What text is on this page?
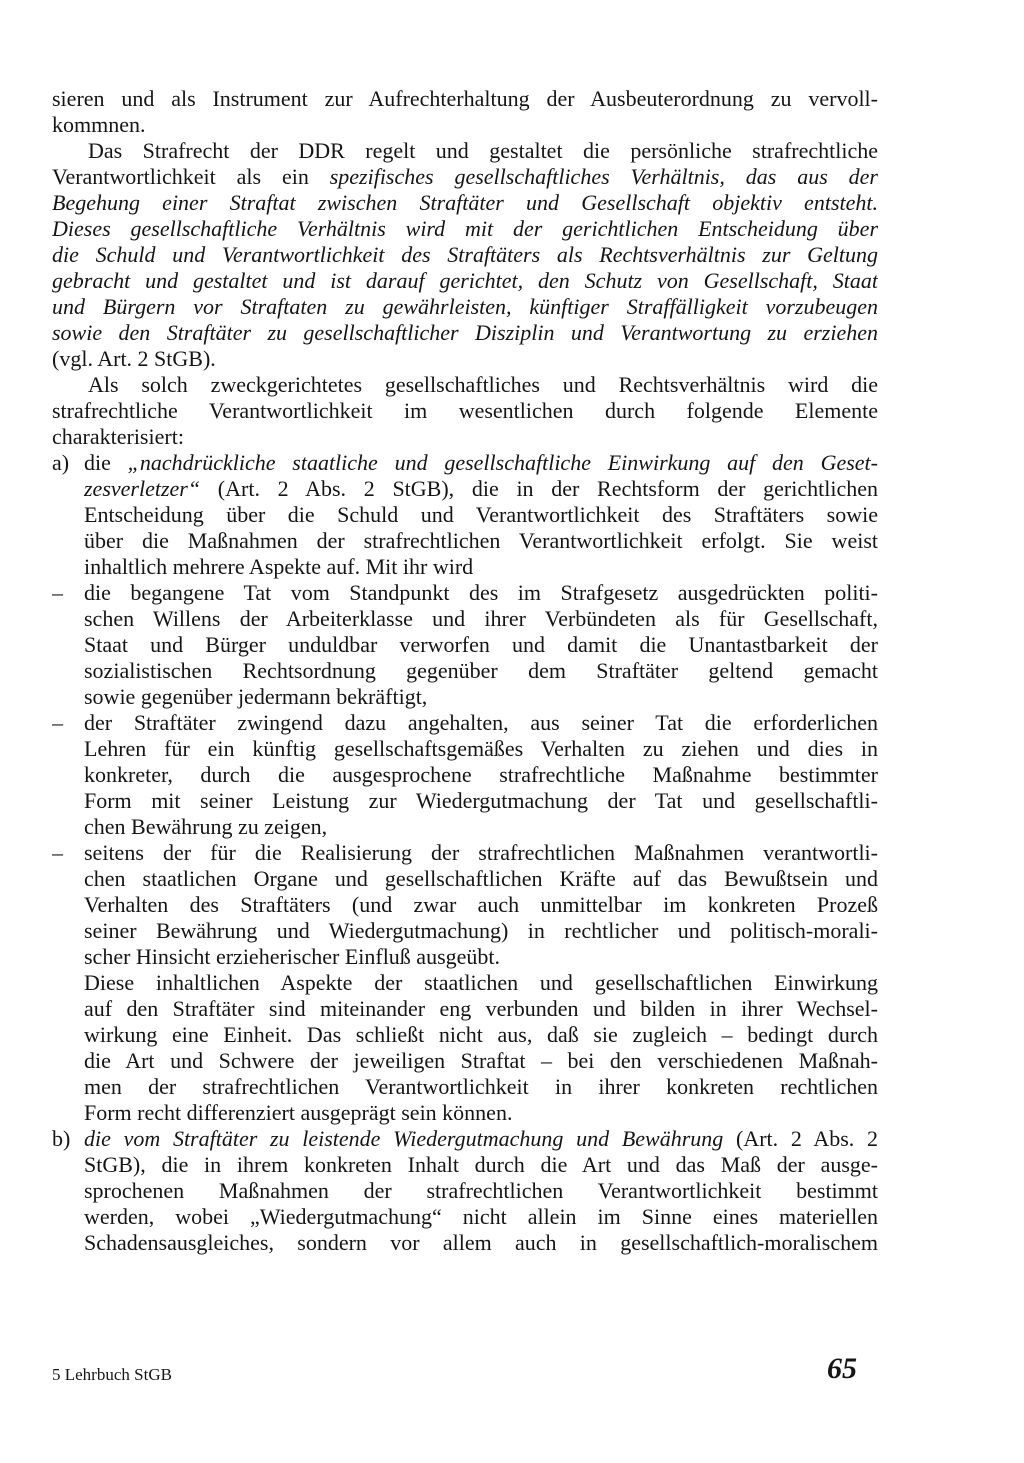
sieren und als Instrument zur Aufrechterhaltung der Ausbeuterordnung zu vervoll-
kommnen.
Das Strafrecht der DDR regelt und gestaltet die persönliche strafrechtliche
Verantwortlichkeit als ein spezifisches gesellschaftliches Verhältnis, das aus der
Begehung einer Straftat zwischen Straftäter und Gesellschaft objektiv entsteht.
Dieses gesellschaftliche Verhältnis wird mit der gerichtlichen Entscheidung über
die Schuld und Verantwortlichkeit des Straftäters als Rechtsverhältnis zur Geltung
gebracht und gestaltet und ist darauf gerichtet, den Schutz von Gesellschaft, Staat
und Bürgern vor Straftaten zu gewährleisten, künftiger Straffälligkeit vorzubeugen
sowie den Straftäter zu gesellschaftlicher Disziplin und Verantwortung zu erziehen
(vgl. Art. 2 StGB).
Als solch zweckgerichtetes gesellschaftliches und Rechtsverhältnis wird die
strafrechtliche Verantwortlichkeit im wesentlichen durch folgende Elemente
charakterisiert:
a) die „nachdrückliche staatliche und gesellschaftliche Einwirkung auf den Geset-
zesverletzer“ (Art. 2 Abs. 2 StGB), die in der Rechtsform der gerichtlichen
Entscheidung über die Schuld und Verantwortlichkeit des Straftäters sowie
über die Maßnahmen der strafrechtlichen Verantwortlichkeit erfolgt. Sie weist
inhaltlich mehrere Aspekte auf. Mit ihr wird
– die begangene Tat vom Standpunkt des im Strafgesetz ausgedrückten politi-
schen Willens der Arbeiterklasse und ihrer Verbündeten als für Gesellschaft,
Staat und Bürger unduldbar verworfen und damit die Unantastbarkeit der
sozialistischen Rechtsordnung gegenüber dem Straftäter geltend gemacht
sowie gegenüber jedermann bekräftigt,
– der Straftäter zwingend dazu angehalten, aus seiner Tat die erforderlichen
Lehren für ein künftig gesellschaftsgemäßes Verhalten zu ziehen und dies in
konkreter, durch die ausgesprochene strafrechtliche Maßnahme bestimmter
Form mit seiner Leistung zur Wiedergutmachung der Tat und gesellschaftli-
chen Bewährung zu zeigen,
– seitens der für die Realisierung der strafrechtlichen Maßnahmen verantwortli-
chen staatlichen Organe und gesellschaftlichen Kräfte auf das Bewußtsein und
Verhalten des Straftäters (und zwar auch unmittelbar im konkreten Prozeß
seiner Bewährung und Wiedergutmachung) in rechtlicher und politisch-morali-
scher Hinsicht erzieherischer Einfluß ausgeübt.
Diese inhaltlichen Aspekte der staatlichen und gesellschaftlichen Einwirkung
auf den Straftäter sind miteinander eng verbunden und bilden in ihrer Wechsel-
wirkung eine Einheit. Das schließt nicht aus, daß sie zugleich – bedingt durch
die Art und Schwere der jeweiligen Straftat – bei den verschiedenen Maßnah-
men der strafrechtlichen Verantwortlichkeit in ihrer konkreten rechtlichen
Form recht differenziert ausgeprägt sein können.
b) die vom Straftäter zu leistende Wiedergutmachung und Bewährung (Art. 2 Abs. 2
StGB), die in ihrem konkreten Inhalt durch die Art und das Maß der ausge-
sprochenen Maßnahmen der strafrechtlichen Verantwortlichkeit bestimmt
werden, wobei „Wiedergutmachung“ nicht allein im Sinne eines materiellen
Schadensausgleiches, sondern vor allem auch in gesellschaftlich-moralischem
5 Lehrbuch StGB	65
